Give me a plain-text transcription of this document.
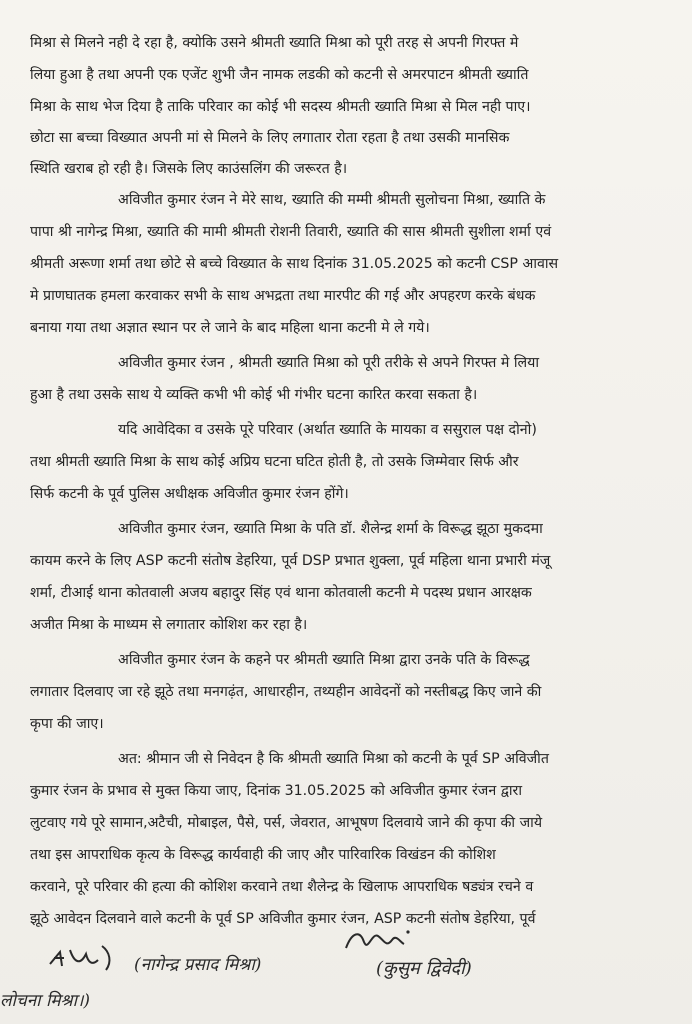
मिश्रा से मिलने नही दे रहा है, क्योकि उसने श्रीमती ख्याति मिश्रा को पूरी तरह से अपनी गिरफ्त मे
लिया हुआ है तथा अपनी एक एजेंट शुभी जैन नामक लडकी को कटनी से अमरपाटन श्रीमती ख्याति
मिश्रा के साथ भेज दिया है ताकि परिवार का कोई भी सदस्य श्रीमती ख्याति मिश्रा से मिल नही पाए।
छोटा सा बच्चा विख्यात अपनी मां से मिलने के लिए लगातार रोता रहता है तथा उसकी मानसिक
स्थिति खराब हो रही है। जिसके लिए काउंसलिंग की जरूरत है।
अविजीत कुमार रंजन ने मेरे साथ, ख्याति की मम्मी श्रीमती सुलोचना मिश्रा, ख्याति के
पापा श्री नागेन्द्र मिश्रा, ख्याति की मामी श्रीमती रोशनी तिवारी, ख्याति की सास श्रीमती सुशीला शर्मा एवं
श्रीमती अरूणा शर्मा तथा छोटे से बच्चे विख्यात के साथ दिनांक 31.05.2025 को कटनी CSP आवास
मे प्राणघातक हमला करवाकर सभी के साथ अभद्रता तथा मारपीट की गई और अपहरण करके बंधक
बनाया गया तथा अज्ञात स्थान पर ले जाने के बाद महिला थाना कटनी मे ले गये।
अविजीत कुमार रंजन , श्रीमती ख्याति मिश्रा को पूरी तरीके से अपने गिरफ्त मे लिया
हुआ है तथा उसके साथ ये व्यक्ति कभी भी कोई भी गंभीर घटना कारित करवा सकता है।
यदि आवेदिका व उसके पूरे परिवार (अर्थात ख्याति के मायका व ससुराल पक्ष दोनो)
तथा श्रीमती ख्याति मिश्रा के साथ कोई अप्रिय घटना घटित होती है, तो उसके जिम्मेवार सिर्फ और
सिर्फ कटनी के पूर्व पुलिस अधीक्षक अविजीत कुमार रंजन होंगे।
अविजीत कुमार रंजन, ख्याति मिश्रा के पति डॉ. शैलेन्द्र शर्मा के विरूद्ध झूठा मुकदमा
कायम करने के लिए ASP कटनी संतोष डेहरिया, पूर्व DSP प्रभात शुक्ला, पूर्व महिला थाना प्रभारी मंजू
शर्मा, टीआई थाना कोतवाली अजय बहादुर सिंह एवं थाना कोतवाली कटनी मे पदस्थ प्रधान आरक्षक
अजीत मिश्रा के माध्यम से लगातार कोशिश कर रहा है।
अविजीत कुमार रंजन के कहने पर श्रीमती ख्याति मिश्रा द्वारा उनके पति के विरूद्ध
लगातार दिलवाए जा रहे झूठे तथा मनगढ़ंत, आधारहीन, तथ्यहीन आवेदनों को नस्तीबद्ध किए जाने की
कृपा की जाए।
अत: श्रीमान जी से निवेदन है कि श्रीमती ख्याति मिश्रा को कटनी के पूर्व SP अविजीत
कुमार रंजन के प्रभाव से मुक्त किया जाए, दिनांक 31.05.2025 को अविजीत कुमार रंजन द्वारा
लुटवाए गये पूरे सामान,अटैची, मोबाइल, पैसे, पर्स, जेवरात, आभूषण दिलवाये जाने की कृपा की जाये
तथा इस आपराधिक कृत्य के विरूद्ध कार्यवाही की जाए और पारिवारिक विखंडन की कोशिश
करवाने, पूरे परिवार की हत्या की कोशिश करवाने तथा शैलेन्द्र के खिलाफ आपराधिक षड्यंत्र रचने व
झूठे आवेदन दिलवाने वाले कटनी के पूर्व SP अविजीत कुमार रंजन, ASP कटनी संतोष डेहरिया, पूर्व
(नागेन्द्र प्रसाद मिश्रा)	(कुसुम द्विवेदी)
लोचना मिश्रा।)
